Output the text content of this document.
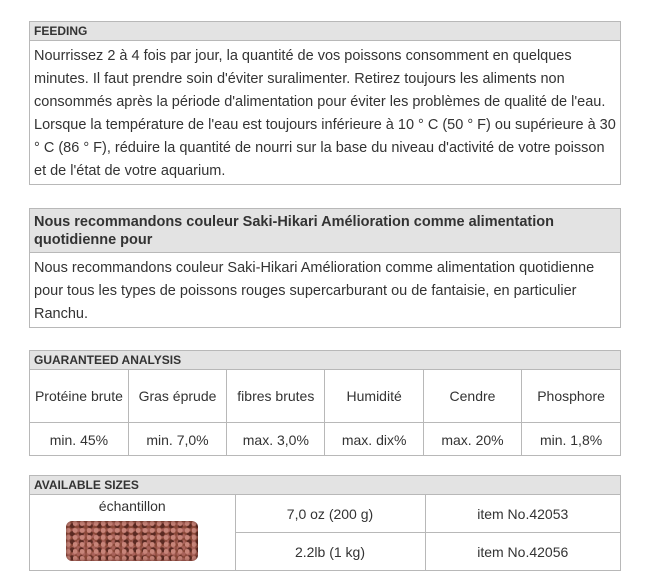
FEEDING
Nourrissez 2 à 4 fois par jour, la quantité de vos poissons consomment en quelques minutes. Il faut prendre soin d'éviter suralimenter. Retirez toujours les aliments non consommés après la période d'alimentation pour éviter les problèmes de qualité de l'eau. Lorsque la température de l'eau est toujours inférieure à 10 ° C (50 ° F) ou supérieure à 30 ° C (86 ° F), réduire la quantité de nourri sur la base du niveau d'activité de votre poisson et de l'état de votre aquarium.
Nous recommandons couleur Saki-Hikari Amélioration comme alimentation quotidienne pour
Nous recommandons couleur Saki-Hikari Amélioration comme alimentation quotidienne pour tous les types de poissons rouges supercarburant ou de fantaisie, en particulier Ranchu.
GUARANTEED ANALYSIS
Protéine brute	Gras éprude	fibres brutes	Humidité	Cendre	Phosphore
min. 45%	min. 7,0%	max. 3,0%	max. dix%	max. 20%	min. 1,8%
AVAILABLE SIZES
échantillon	7,0 oz (200 g)	item No.42053
	2.2lb (1 kg)	item No.42056
